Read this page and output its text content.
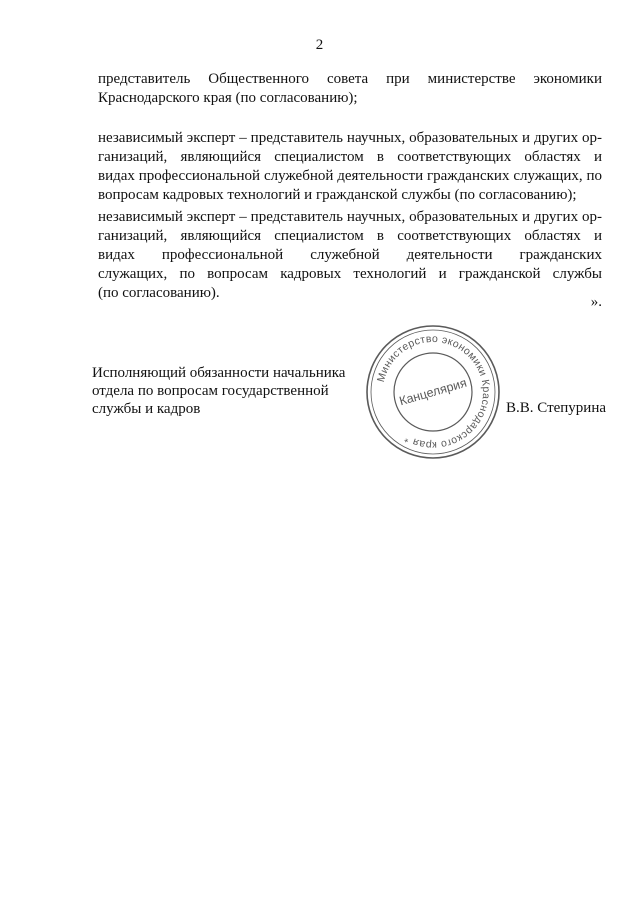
2

представитель Общественного совета при министерстве экономики
Краснодарского края (по согласованию);

независимый эксперт – представитель научных, образовательных и других ор-
ганизаций, являющийся специалистом в соответствующих областях и
видах профессиональной служебной деятельности гражданских служащих, по
вопросам кадровых технологий и гражданской службы (по согласованию);

независимый эксперт – представитель научных, образовательных и других ор-
ганизаций, являющийся специалистом в соответствующих областях и
видах профессиональной служебной деятельности гражданских
служащих, по вопросам кадровых технологий и гражданской службы
(по согласованию).

».
Исполняющий обязанности начальника
отдела по вопросам государственной
службы и кадров	В.В. Степурина
Министерство экономики Краснодарского края *
Канцелярия
